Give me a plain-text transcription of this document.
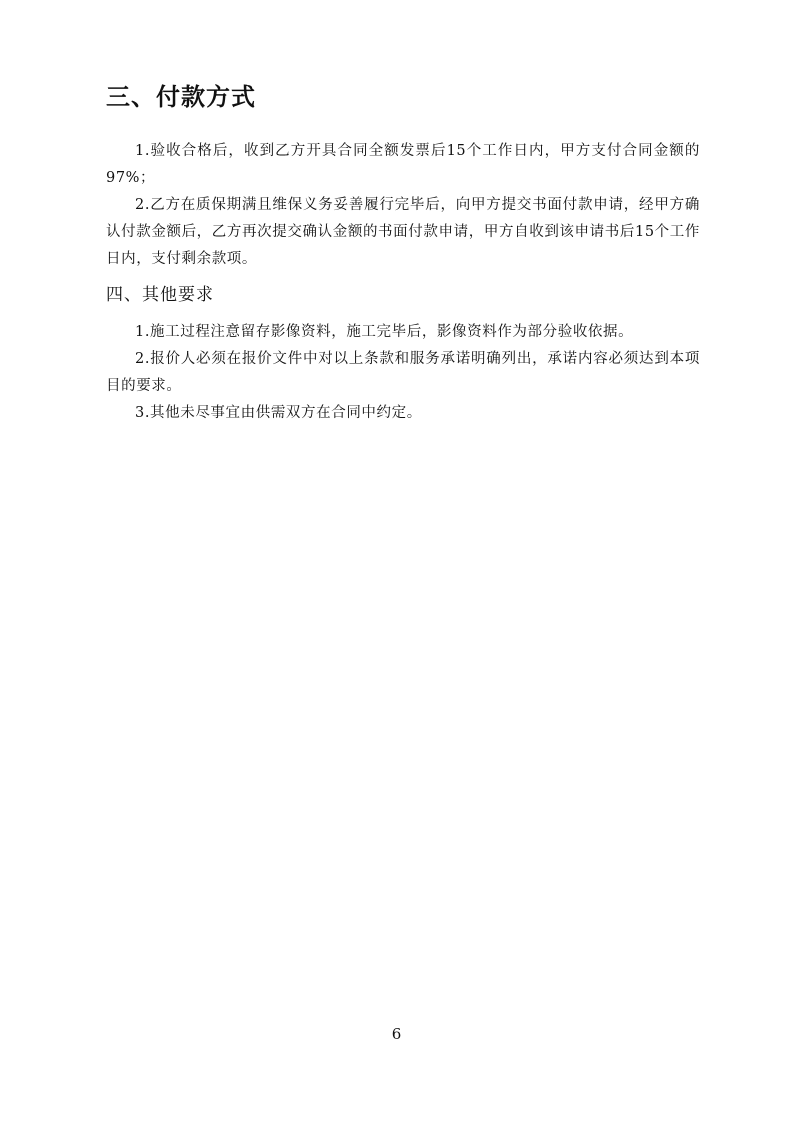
三、付款方式

1.验收合格后，收到乙方开具合同全额发票后15个工作日内，甲方支付合同金额的97%；

2.乙方在质保期满且维保义务妥善履行完毕后，向甲方提交书面付款申请，经甲方确认付款金额后，乙方再次提交确认金额的书面付款申请，甲方自收到该申请书后15个工作日内，支付剩余款项。

四、其他要求

1.施工过程注意留存影像资料，施工完毕后，影像资料作为部分验收依据。

2.报价人必须在报价文件中对以上条款和服务承诺明确列出，承诺内容必须达到本项目的要求。

3.其他未尽事宜由供需双方在合同中约定。

6
